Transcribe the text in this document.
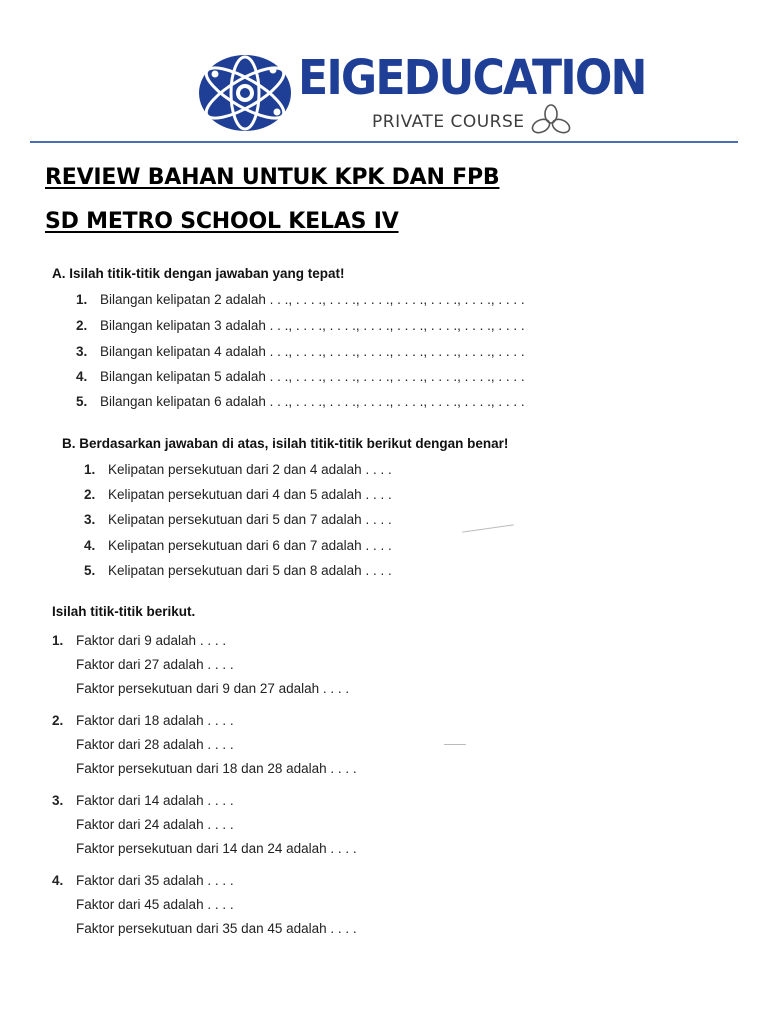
EIGEDUCATION
PRIVATE COURSE
REVIEW BAHAN UNTUK KPK DAN FPB
SD METRO SCHOOL KELAS IV
A. Isilah titik-titik dengan jawaban yang tepat!
1. Bilangan kelipatan 2 adalah . . ., . . . ., . . . ., . . . ., . . . ., . . . ., . . . ., . . . .
2. Bilangan kelipatan 3 adalah . . ., . . . ., . . . ., . . . ., . . . ., . . . ., . . . ., . . . .
3. Bilangan kelipatan 4 adalah . . ., . . . ., . . . ., . . . ., . . . ., . . . ., . . . ., . . . .
4. Bilangan kelipatan 5 adalah . . ., . . . ., . . . ., . . . ., . . . ., . . . ., . . . ., . . . .
5. Bilangan kelipatan 6 adalah . . ., . . . ., . . . ., . . . ., . . . ., . . . ., . . . ., . . . .
B. Berdasarkan jawaban di atas, isilah titik-titik berikut dengan benar!
1. Kelipatan persekutuan dari 2 dan 4 adalah . . . .
2. Kelipatan persekutuan dari 4 dan 5 adalah . . . .
3. Kelipatan persekutuan dari 5 dan 7 adalah . . . .
4. Kelipatan persekutuan dari 6 dan 7 adalah . . . .
5. Kelipatan persekutuan dari 5 dan 8 adalah . . . .
Isilah titik-titik berikut.
1. Faktor dari 9 adalah . . . .
Faktor dari 27 adalah . . . .
Faktor persekutuan dari 9 dan 27 adalah . . . .
2. Faktor dari 18 adalah . . . .
Faktor dari 28 adalah . . . .
Faktor persekutuan dari 18 dan 28 adalah . . . .
3. Faktor dari 14 adalah . . . .
Faktor dari 24 adalah . . . .
Faktor persekutuan dari 14 dan 24 adalah . . . .
4. Faktor dari 35 adalah . . . .
Faktor dari 45 adalah . . . .
Faktor persekutuan dari 35 dan 45 adalah . . . .
